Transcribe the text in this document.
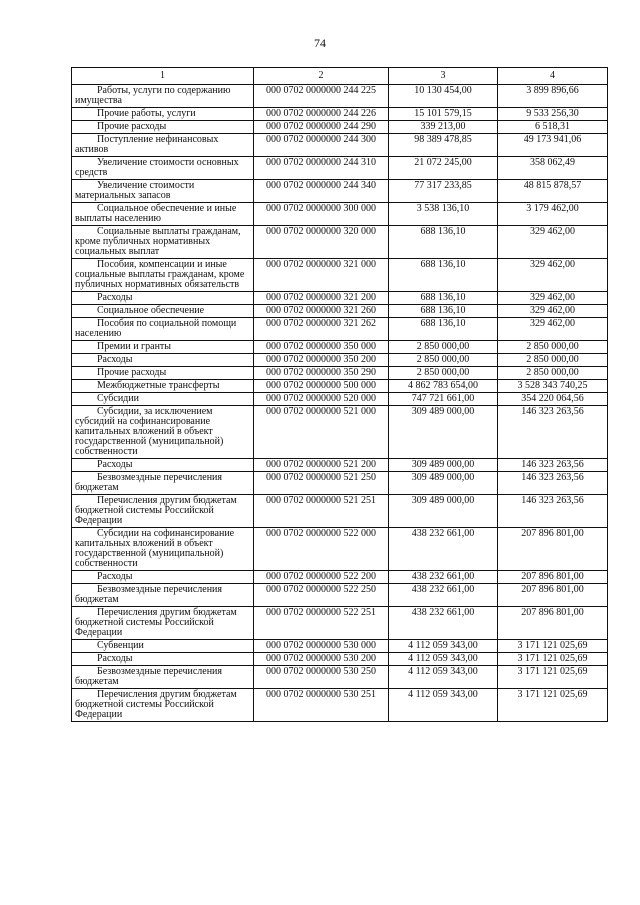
74
1	2	3	4

Работы, услуги по содержанию имущества	000 0702 0000000 244 225	10 130 454,00	3 899 896,66

Прочие работы, услуги	000 0702 0000000 244 226	15 101 579,15	9 533 256,30

Прочие расходы	000 0702 0000000 244 290	339 213,00	6 518,31

Поступление нефинансовых активов	000 0702 0000000 244 300	98 389 478,85	49 173 941,06

Увеличение стоимости основных средств	000 0702 0000000 244 310	21 072 245,00	358 062,49

Увеличение стоимости материальных запасов	000 0702 0000000 244 340	77 317 233,85	48 815 878,57

Социальное обеспечение и иные выплаты населению	000 0702 0000000 300 000	3 538 136,10	3 179 462,00

Социальные выплаты гражданам, кроме публичных нормативных социальных выплат	000 0702 0000000 320 000	688 136,10	329 462,00

Пособия, компенсации и иные социальные выплаты гражданам, кроме публичных нормативных обязательств	000 0702 0000000 321 000	688 136,10	329 462,00

Расходы	000 0702 0000000 321 200	688 136,10	329 462,00

Социальное обеспечение	000 0702 0000000 321 260	688 136,10	329 462,00

Пособия по социальной помощи населению	000 0702 0000000 321 262	688 136,10	329 462,00

Премии и гранты	000 0702 0000000 350 000	2 850 000,00	2 850 000,00

Расходы	000 0702 0000000 350 200	2 850 000,00	2 850 000,00

Прочие расходы	000 0702 0000000 350 290	2 850 000,00	2 850 000,00

Межбюджетные трансферты	000 0702 0000000 500 000	4 862 783 654,00	3 528 343 740,25

Субсидии	000 0702 0000000 520 000	747 721 661,00	354 220 064,56

Субсидии, за исключением субсидий на софинансирование капитальных вложений в объект государственной (муниципальной) собственности	000 0702 0000000 521 000	309 489 000,00	146 323 263,56

Расходы	000 0702 0000000 521 200	309 489 000,00	146 323 263,56

Безвозмездные перечисления бюджетам	000 0702 0000000 521 250	309 489 000,00	146 323 263,56

Перечисления другим бюджетам бюджетной системы Российской Федерации	000 0702 0000000 521 251	309 489 000,00	146 323 263,56

Субсидии на софинансирование капитальных вложений в объект государственной (муниципальной) собственности	000 0702 0000000 522 000	438 232 661,00	207 896 801,00

Расходы	000 0702 0000000 522 200	438 232 661,00	207 896 801,00

Безвозмездные перечисления бюджетам	000 0702 0000000 522 250	438 232 661,00	207 896 801,00

Перечисления другим бюджетам бюджетной системы Российской Федерации	000 0702 0000000 522 251	438 232 661,00	207 896 801,00

Субвенции	000 0702 0000000 530 000	4 112 059 343,00	3 171 121 025,69

Расходы	000 0702 0000000 530 200	4 112 059 343,00	3 171 121 025,69

Безвозмездные перечисления бюджетам	000 0702 0000000 530 250	4 112 059 343,00	3 171 121 025,69

Перечисления другим бюджетам бюджетной системы Российской Федерации	000 0702 0000000 530 251	4 112 059 343,00	3 171 121 025,69
